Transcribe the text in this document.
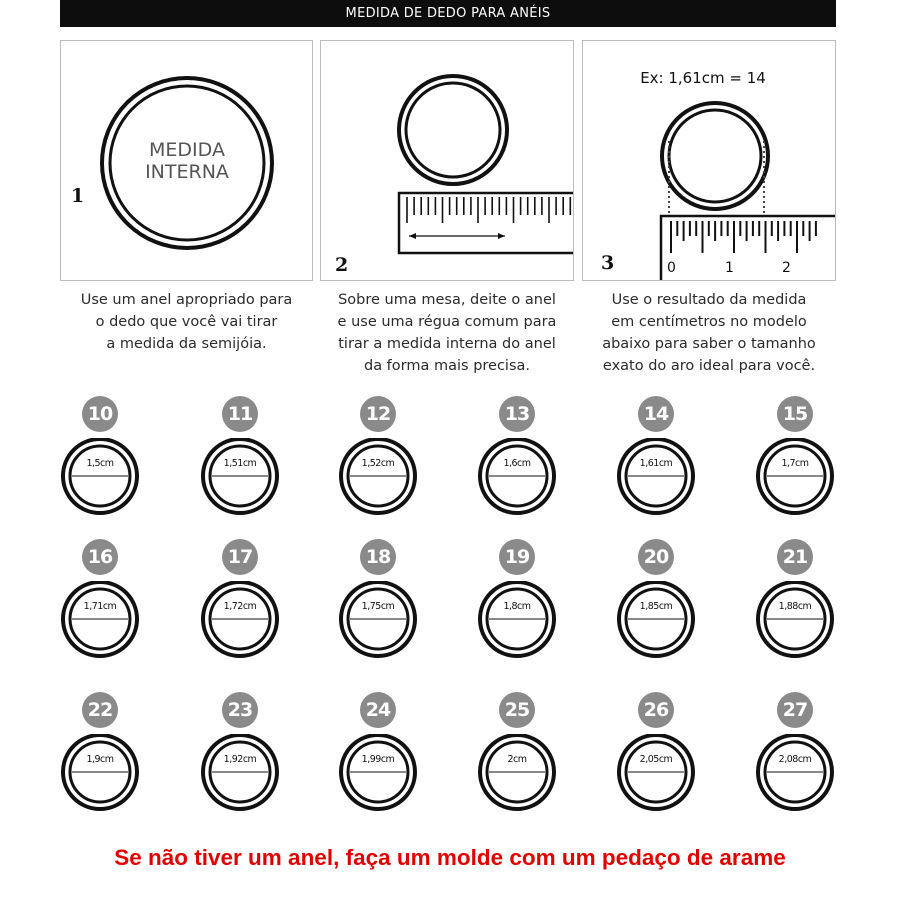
MEDIDA DE DEDO PARA ANÉIS
MEDIDA
INTERNA
1
2
Ex: 1,61cm = 14
0	1	2
3
Use um anel apropriado para
o dedo que você vai tirar
a medida da semijóia.
Sobre uma mesa, deite o anel
e use uma régua comum para
tirar a medida interna do anel
da forma mais precisa.
Use o resultado da medida
em centímetros no modelo
abaixo para saber o tamanho
exato do aro ideal para você.
10
1,5cm
11
1,51cm
12
1,52cm
13
1,6cm
14
1,61cm
15
1,7cm
16
1,71cm
17
1,72cm
18
1,75cm
19
1,8cm
20
1,85cm
21
1,88cm
22
1,9cm
23
1,92cm
24
1,99cm
25
2cm
26
2,05cm
27
2,08cm
Se não tiver um anel, faça um molde com um pedaço de arame
